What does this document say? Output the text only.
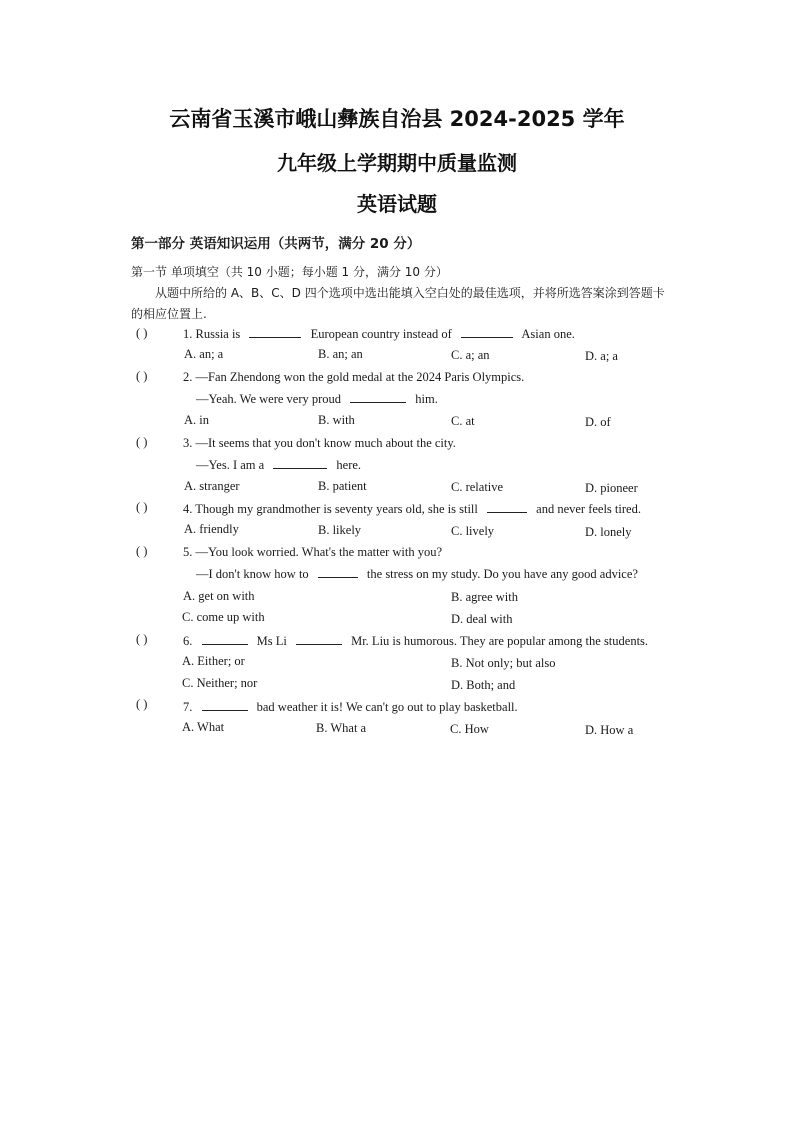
云南省玉溪市峨山彝族自治县 2024-2025 学年
九年级上学期期中质量监测
英语试题
第一部分 英语知识运用（共两节，满分 20 分）
第一节 单项填空（共 10 小题；每小题 1 分，满分 10 分）
从题中所给的 A、B、C、D 四个选项中选出能填入空白处的最佳选项，并将所选答案涂到答题卡的相应位置上.
( )	1. Russia is	European country instead of	Asian one.
A. an; a	B. an; an	C. a; an	D. a; a
( )	2. —Fan Zhendong won the gold medal at the 2024 Paris Olympics.
—Yeah. We were very proud	him.
A. in	B. with	C. at	D. of
( )	3. —It seems that you don't know much about the city.
—Yes. I am a	here.
A. stranger	B. patient	C. relative	D. pioneer
( )	4. Though my grandmother is seventy years old, she is still	and never feels tired.
A. friendly	B. likely	C. lively	D. lonely
( )	5. —You look worried. What's the matter with you?
—I don't know how to	the stress on my study. Do you have any good advice?
A. get on with	B. agree with
C. come up with	D. deal with
( )	6.	Ms Li	Mr. Liu is humorous. They are popular among the students.
A. Either; or	B. Not only; but also
C. Neither; nor	D. Both; and
( )	7.	bad weather it is! We can't go out to play basketball.
A. What	B. What a	C. How	D. How a
